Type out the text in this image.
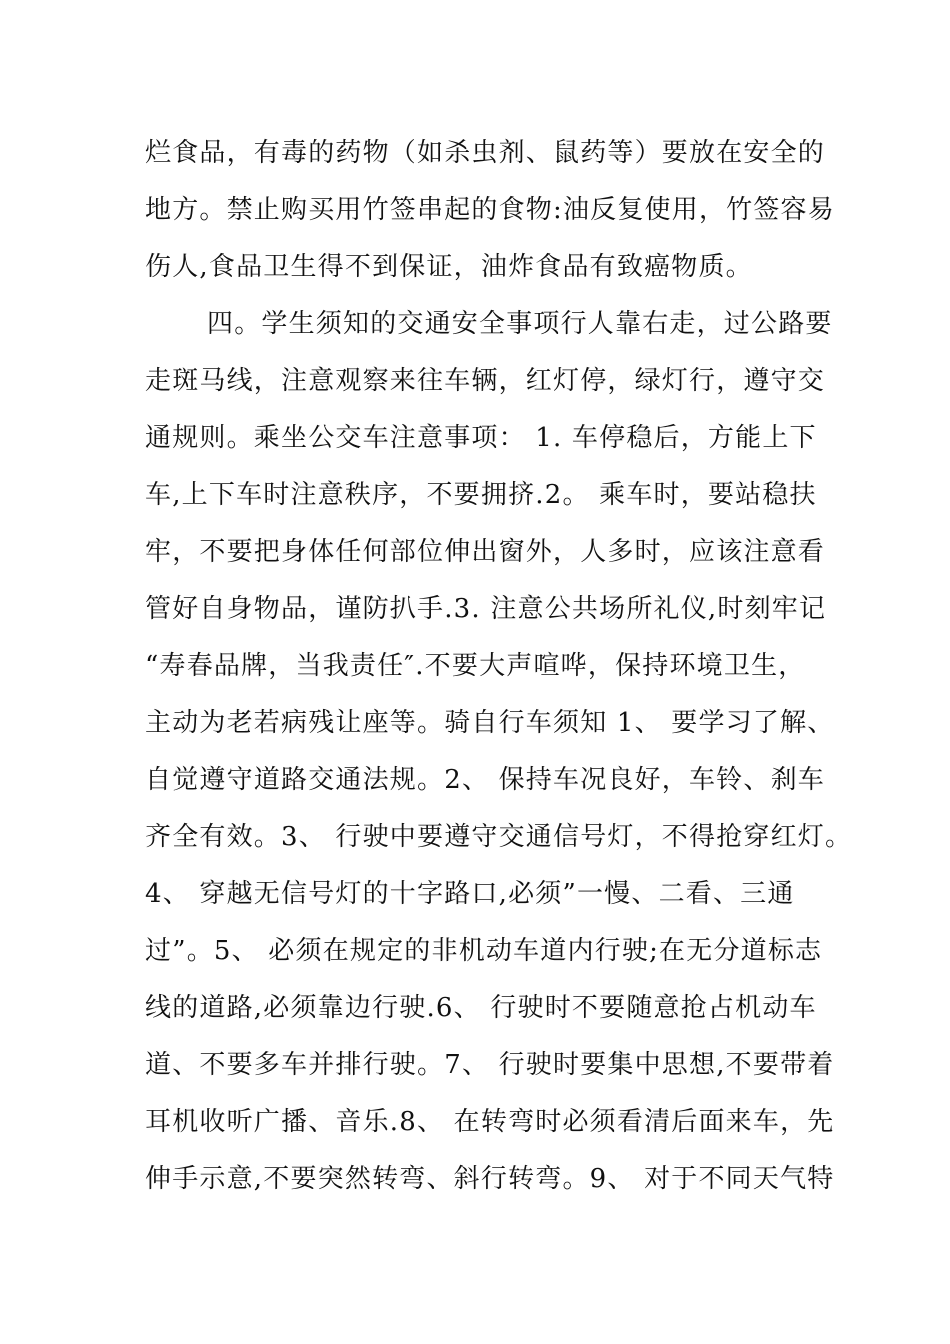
烂食品，有毒的药物（如杀虫剂、鼠药等）要放在安全的
地方。禁止购买用竹签串起的食物:油反复使用，竹签容易
伤人,食品卫生得不到保证，油炸食品有致癌物质。
四。学生须知的交通安全事项行人靠右走，过公路要
走斑马线，注意观察来往车辆，红灯停，绿灯行，遵守交
通规则。乘坐公交车注意事项： 1. 车停稳后，方能上下
车,上下车时注意秩序，不要拥挤.2。 乘车时，要站稳扶
牢，不要把身体任何部位伸出窗外，人多时，应该注意看
管好自身物品，谨防扒手.3. 注意公共场所礼仪,时刻牢记
“寿春品牌，当我责任″.不要大声喧哗，保持环境卫生，
主动为老若病残让座等。骑自行车须知 1、 要学习了解、
自觉遵守道路交通法规。2、 保持车况良好，车铃、刹车
齐全有效。3、 行驶中要遵守交通信号灯，不得抢穿红灯。
4、 穿越无信号灯的十字路口,必须”一慢、二看、三通
过”。5、 必须在规定的非机动车道内行驶;在无分道标志
线的道路,必须靠边行驶.6、 行驶时不要随意抢占机动车
道、不要多车并排行驶。7、 行驶时要集中思想,不要带着
耳机收听广播、音乐.8、 在转弯时必须看清后面来车，先
伸手示意,不要突然转弯、斜行转弯。9、 对于不同天气特
